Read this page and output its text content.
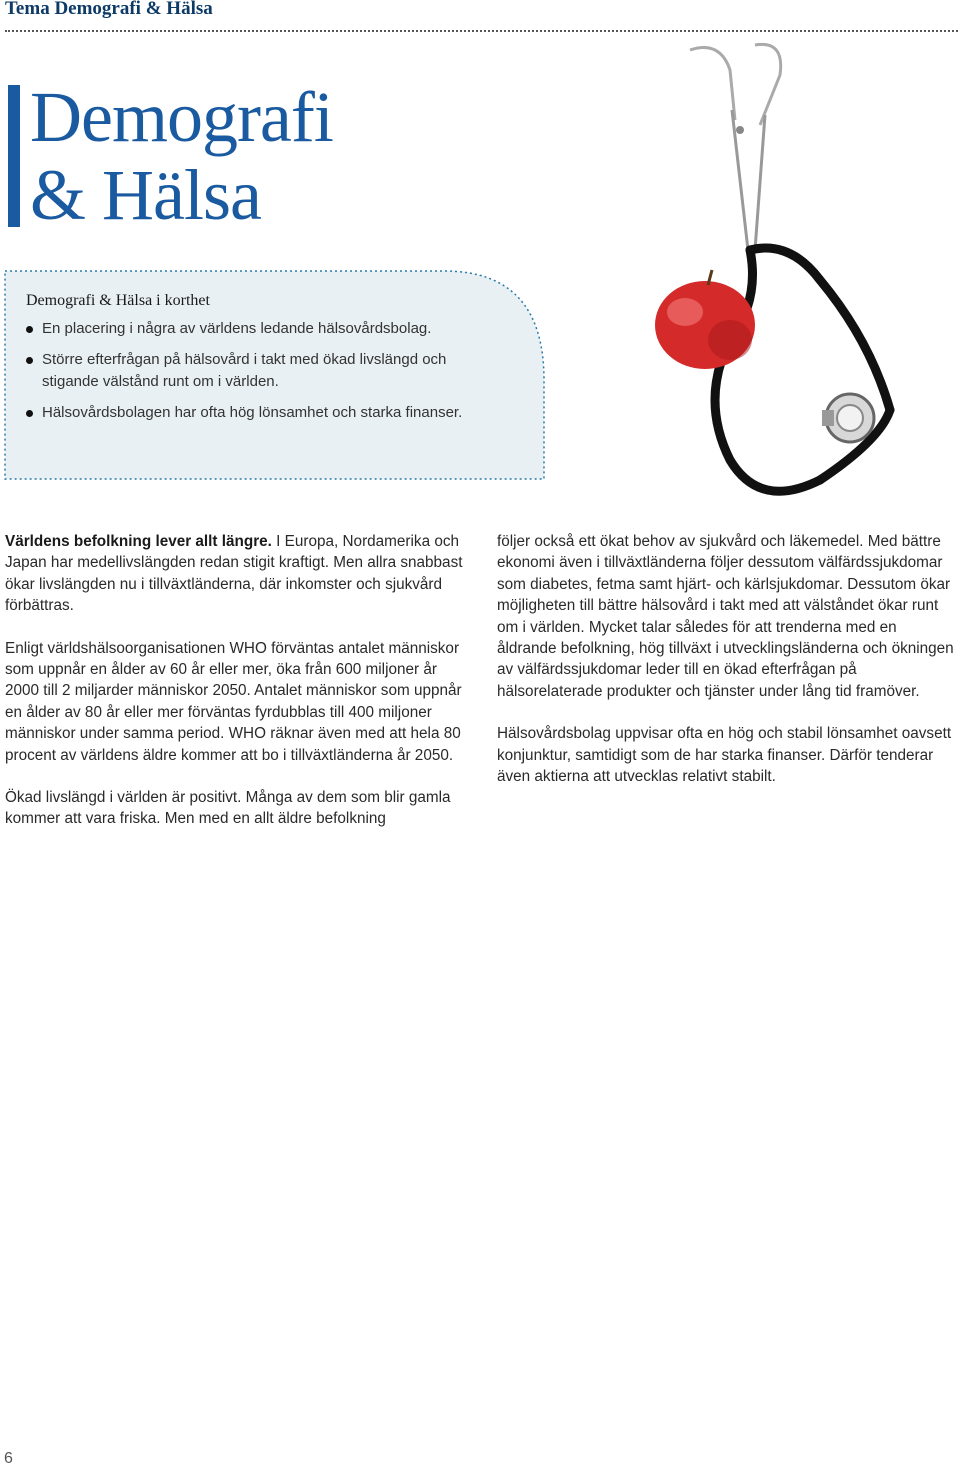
Tema Demografi & Hälsa
Demografi
& Hälsa
Demografi & Hälsa i korthet
En placering i några av världens ledande hälsovårdsbolag.
Större efterfrågan på hälsovård i takt med ökad livslängd och stigande välstånd runt om i världen.
Hälsovårdsbolagen har ofta hög lönsamhet och starka finanser.

Världens befolkning lever allt längre. I Europa, Nordamerika och Japan har medellivslängden redan stigit kraftigt. Men allra snabbast ökar livslängden nu i tillväxtländerna, där inkomster och sjukvård förbättras.

Enligt världshälsoorganisationen WHO förväntas antalet människor som uppnår en ålder av 60 år eller mer, öka från 600 miljoner år 2000 till 2 miljarder människor 2050. Antalet människor som uppnår en ålder av 80 år eller mer förväntas fyrdubblas till 400 miljoner människor under samma period. WHO räknar även med att hela 80 procent av världens äldre kommer att bo i tillväxtländerna år 2050.

Ökad livslängd i världen är positivt. Många av dem som blir gamla kommer att vara friska. Men med en allt äldre befolkning

följer också ett ökat behov av sjukvård och läkemedel. Med bättre ekonomi även i tillväxtländerna följer dessutom välfärdssjukdomar som diabetes, fetma samt hjärt- och kärlsjukdomar. Dessutom ökar möjligheten till bättre hälsovård i takt med att välståndet ökar runt om i världen. Mycket talar således för att trenderna med en åldrande befolkning, hög tillväxt i utvecklingsländerna och ökningen av välfärdssjukdomar leder till en ökad efterfrågan på hälsorelaterade produkter och tjänster under lång tid framöver.

Hälsovårdsbolag uppvisar ofta en hög och stabil lönsamhet oavsett konjunktur, samtidigt som de har starka finanser. Därför tenderar även aktierna att utvecklas relativt stabilt.

6
